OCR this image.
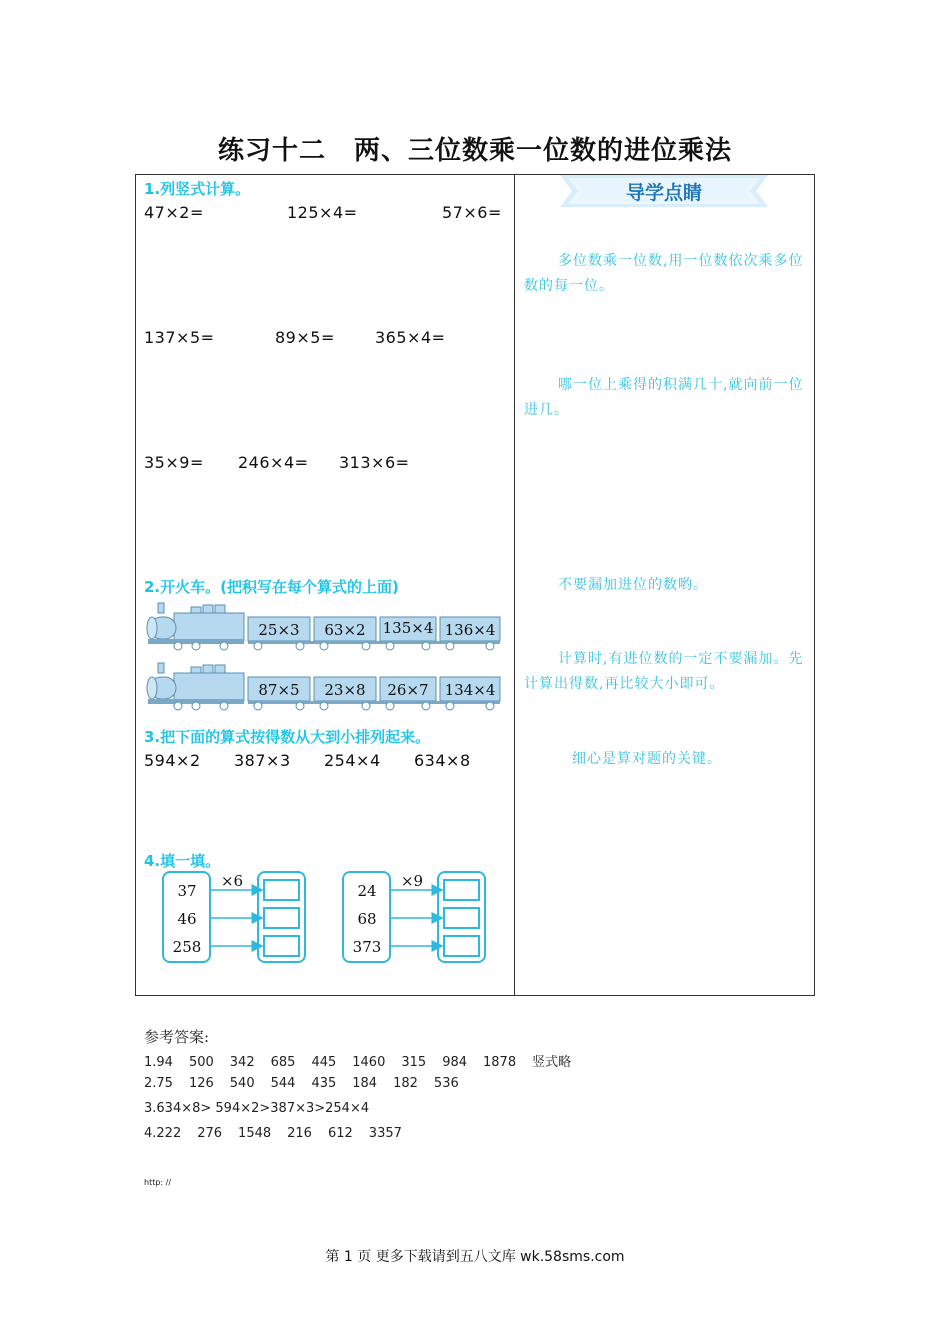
练习十二 两、三位数乘一位数的进位乘法
导学点睛
1.列竖式计算。
47×2=	125×4=	57×6=
137×5=	89×5=	365×4=
35×9= 246×4= 313×6=
2.开火车。(把积写在每个算式的上面)
25×3 63×2 135×4 136×4
87×5 23×8 26×7 134×4
3.把下面的算式按得数从大到小排列起来。
594×2 387×3 254×4 634×8
4.填一填。
×6
37
46
258
×9
24
68
373
多位数乘一位数,用一位数依次乘多位数的每一位。
哪一位上乘得的积满几十,就向前一位进几。
不要漏加进位的数哟。
计算时,有进位数的一定不要漏加。先计算出得数,再比较大小即可。
细心是算对题的关键。
参考答案:
1.94 500 342 685 445 1460 315 984 1878 竖式略
2.75 126 540 544 435 184 182 536
3.634×8> 594×2>387×3>254×4
4.222 276 1548 216 612 3357
http: //
第 1 页 更多下载请到五八文库 wk.58sms.com
